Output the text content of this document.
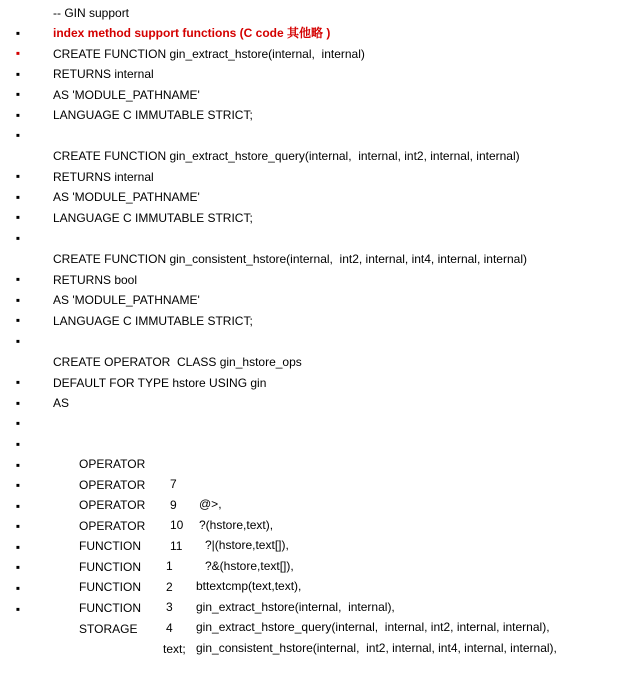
▪

-- GIN support

▪

index method support functions (C code 其他略 )

▪

CREATE FUNCTION gin_extract_hstore(internal,  internal)

▪

RETURNS internal

▪

AS 'MODULE_PATHNAME'

▪

LANGUAGE C IMMUTABLE STRICT;

▪

CREATE FUNCTION gin_extract_hstore_query(internal,  internal, int2, internal, internal)

▪

RETURNS internal

▪

AS 'MODULE_PATHNAME'

▪

LANGUAGE C IMMUTABLE STRICT;

▪

CREATE FUNCTION gin_consistent_hstore(internal,  int2, internal, int4, internal, internal)

▪

RETURNS bool

▪

AS 'MODULE_PATHNAME'

▪

LANGUAGE C IMMUTABLE STRICT;

▪

CREATE OPERATOR  CLASS gin_hstore_ops

▪

DEFAULT FOR TYPE hstore USING gin

▪

AS

▪

OPERATOR

7

@>,

▪

OPERATOR

9

?(hstore,text),

▪

OPERATOR

10

?|(hstore,text[]),

▪

OPERATOR

11

?&(hstore,text[]),

▪

FUNCTION

1

bttextcmp(text,text),

▪

FUNCTION

2

gin_extract_hstore(internal,  internal),

▪

FUNCTION

3

gin_extract_hstore_query(internal,  internal, int2, internal, internal),

▪

FUNCTION

4

gin_consistent_hstore(internal,  int2, internal, int4, internal, internal),

▪

STORAGE

text;
